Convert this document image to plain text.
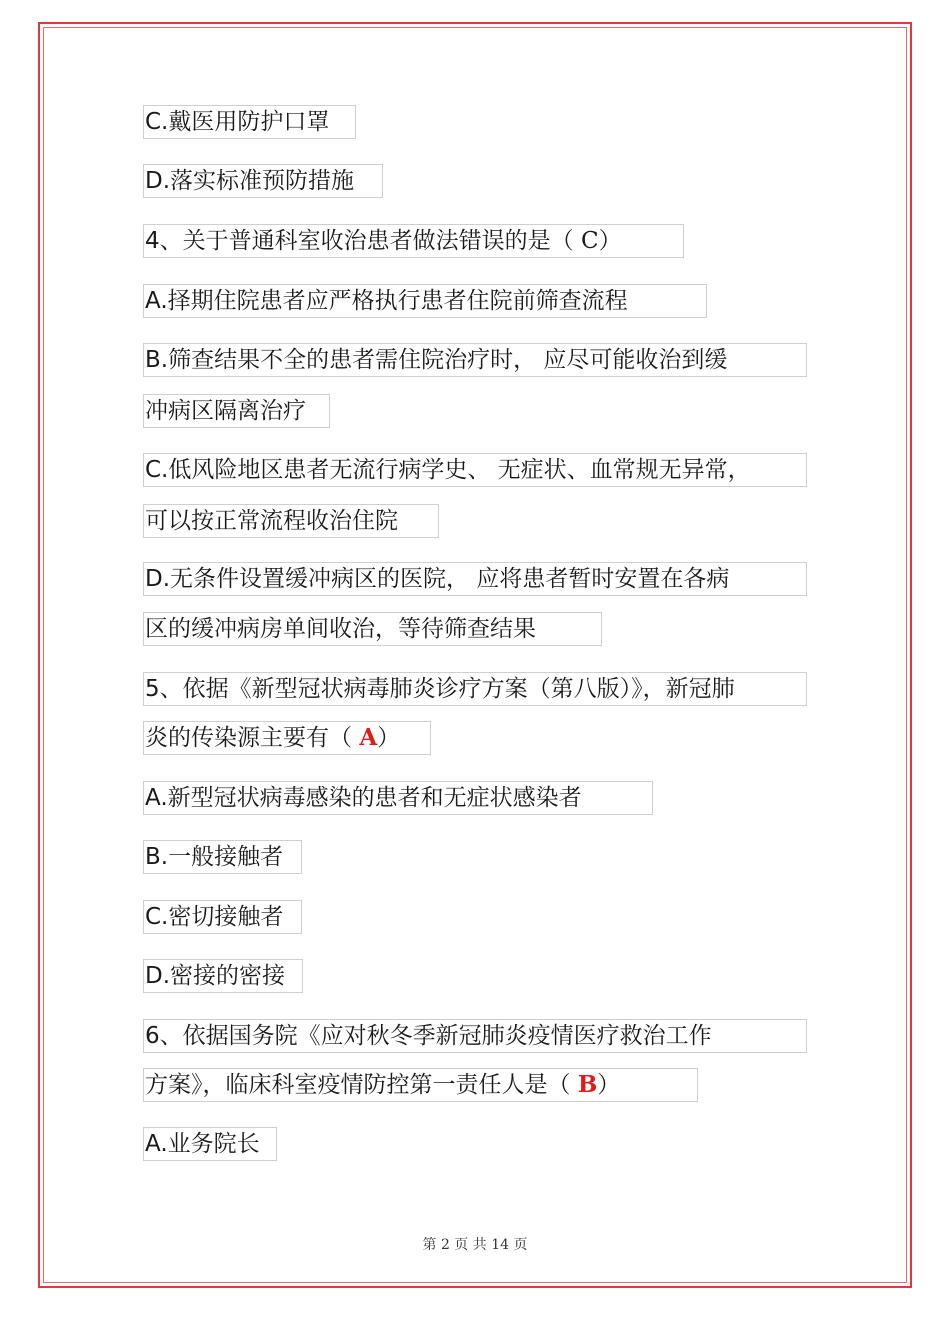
C.戴医用防护口罩
D.落实标准预防措施
4、关于普通科室收治患者做法错误的是（ C）
A.择期住院患者应严格执行患者住院前筛查流程
B.筛查结果不全的患者需住院治疗时， 应尽可能收治到缓
冲病区隔离治疗
C.低风险地区患者无流行病学史、 无症状、血常规无异常，
可以按正常流程收治住院
D.无条件设置缓冲病区的医院， 应将患者暂时安置在各病
区的缓冲病房单间收治，等待筛查结果
5、依据《新型冠状病毒肺炎诊疗方案（第八版）》，新冠肺
炎的传染源主要有（ A）
A.新型冠状病毒感染的患者和无症状感染者
B.一般接触者
C.密切接触者
D.密接的密接
6、依据国务院《应对秋冬季新冠肺炎疫情医疗救治工作
方案》，临床科室疫情防控第一责任人是（ B）
A.业务院长
第 2 页 共 14 页
